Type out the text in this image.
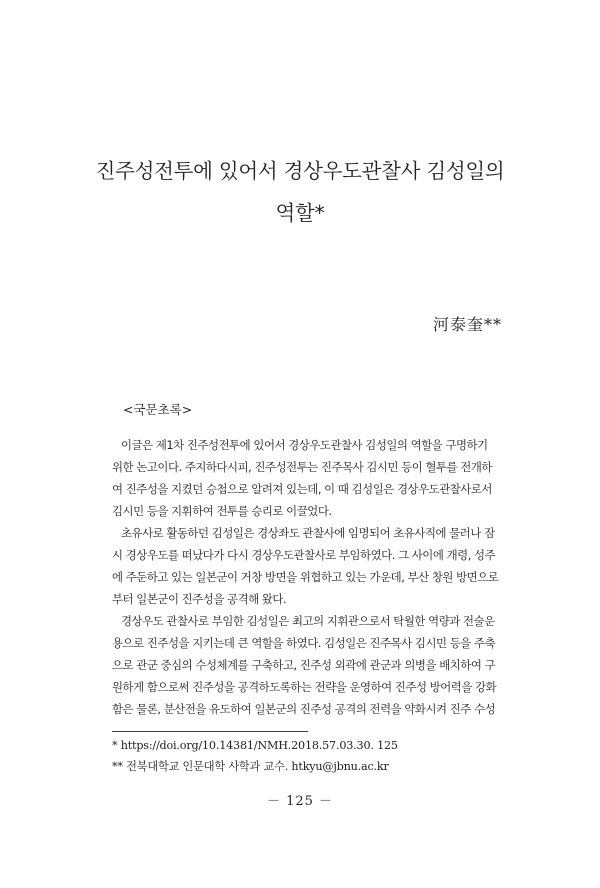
진주성전투에 있어서 경상우도관찰사 김성일의
역할*
河泰奎**
<국문초록>
이글은 제1차 진주성전투에 있어서 경상우도관찰사 김성일의 역할을 구명하기
위한 논고이다. 주지하다시피, 진주성전투는 진주목사 김시민 등이 혈투를 전개하
여 진주성을 지켰던 승첩으로 알려져 있는데, 이 때 김성일은 경상우도관찰사로서
김시민 등을 지휘하여 전투를 승리로 이끌었다.
초유사로 활동하던 김성일은 경상좌도 관찰사에 임명되어 초유사직에 물러나 잠
시 경상우도를 떠났다가 다시 경상우도관찰사로 부임하였다. 그 사이에 개령, 성주
에 주둔하고 있는 일본군이 거창 방면을 위협하고 있는 가운데, 부산 창원 방면으로
부터 일본군이 진주성을 공격해 왔다.
경상우도 관찰사로 부임한 김성일은 최고의 지휘관으로서 탁월한 역량과 전술운
용으로 진주성을 지키는데 큰 역할을 하였다. 김성일은 진주목사 김시민 등을 주축
으로 관군 중심의 수성체계를 구축하고, 진주성 외곽에 관군과 의병을 배치하여 구
원하게 함으로써 진주성을 공격하도록하는 전략을 운영하여 진주성 방어력을 강화
함은 물론, 분산전을 유도하여 일본군의 진주성 공격의 전력을 약화시켜 진주 수성
* https://doi.org/10.14381/NMH.2018.57.03.30. 125
** 전북대학교 인문대학 사학과 교수. htkyu@jbnu.ac.kr
－ 125 －
